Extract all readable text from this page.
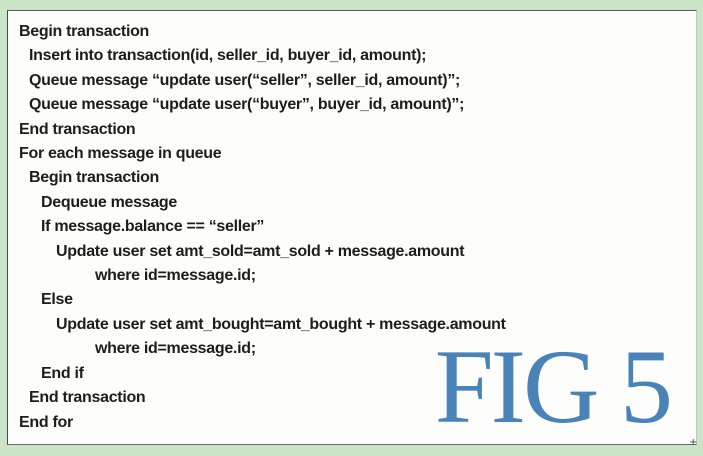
Begin transaction
Insert into transaction(id, seller_id, buyer_id, amount);
Queue message “update user(“seller”, seller_id, amount)”;
Queue message “update user(“buyer”, buyer_id, amount)”;
End transaction
For each message in queue
Begin transaction
Dequeue message
If message.balance == “seller”
Update user set amt_sold=amt_sold + message.amount
where id=message.id;
Else
Update user set amt_bought=amt_bought + message.amount
where id=message.id;
End if
End transaction
End for	FIG 5 +
